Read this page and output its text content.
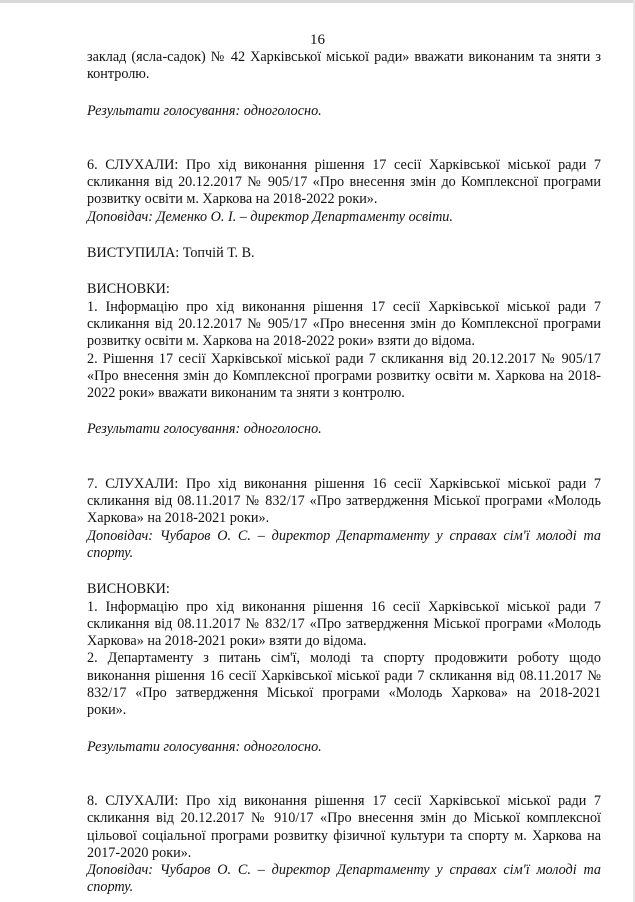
16

заклад (ясла-садок) № 42 Харківської міської ради» вважати виконаним та зняти з контролю.

Результати голосування: одноголосно.

6. СЛУХАЛИ: Про хід виконання рішення 17 сесії Харківської міської ради 7 скликання від 20.12.2017 № 905/17 «Про внесення змін до Комплексної програми розвитку освіти м. Харкова на 2018-2022 роки».

Доповідач: Деменко О. І. – директор Департаменту освіти.

ВИСТУПИЛА: Топчій Т. В.

ВИСНОВКИ:

1. Інформацію про хід виконання рішення 17 сесії Харківської міської ради 7 скликання від 20.12.2017 № 905/17 «Про внесення змін до Комплексної програми розвитку освіти м. Харкова на 2018-2022 роки» взяти до відома.

2. Рішення 17 сесії Харківської міської ради 7 скликання від 20.12.2017 № 905/17 «Про внесення змін до Комплексної програми розвитку освіти м. Харкова на 2018-2022 роки» вважати виконаним та зняти з контролю.

Результати голосування: одноголосно.

7. СЛУХАЛИ: Про хід виконання рішення 16 сесії Харківської міської ради 7 скликання від 08.11.2017 № 832/17 «Про затвердження Міської програми «Молодь Харкова» на 2018-2021 роки».

Доповідач: Чубаров О. С. – директор Департаменту у справах сім'ї молоді та спорту.

ВИСНОВКИ:

1. Інформацію про хід виконання рішення 16 сесії Харківської міської ради 7 скликання від 08.11.2017 № 832/17 «Про затвердження Міської програми «Молодь Харкова» на 2018-2021 роки» взяти до відома.

2. Департаменту з питань сім'ї, молоді та спорту продовжити роботу щодо виконання рішення 16 сесії Харківської міської ради 7 скликання від 08.11.2017 № 832/17 «Про затвердження Міської програми «Молодь Харкова» на 2018-2021 роки».

Результати голосування: одноголосно.

8. СЛУХАЛИ: Про хід виконання рішення 17 сесії Харківської міської ради 7 скликання від 20.12.2017 № 910/17 «Про внесення змін до Міської комплексної цільової соціальної програми розвитку фізичної культури та спорту м. Харкова на 2017-2020 роки».

Доповідач: Чубаров О. С. – директор Департаменту у справах сім'ї молоді та спорту.
